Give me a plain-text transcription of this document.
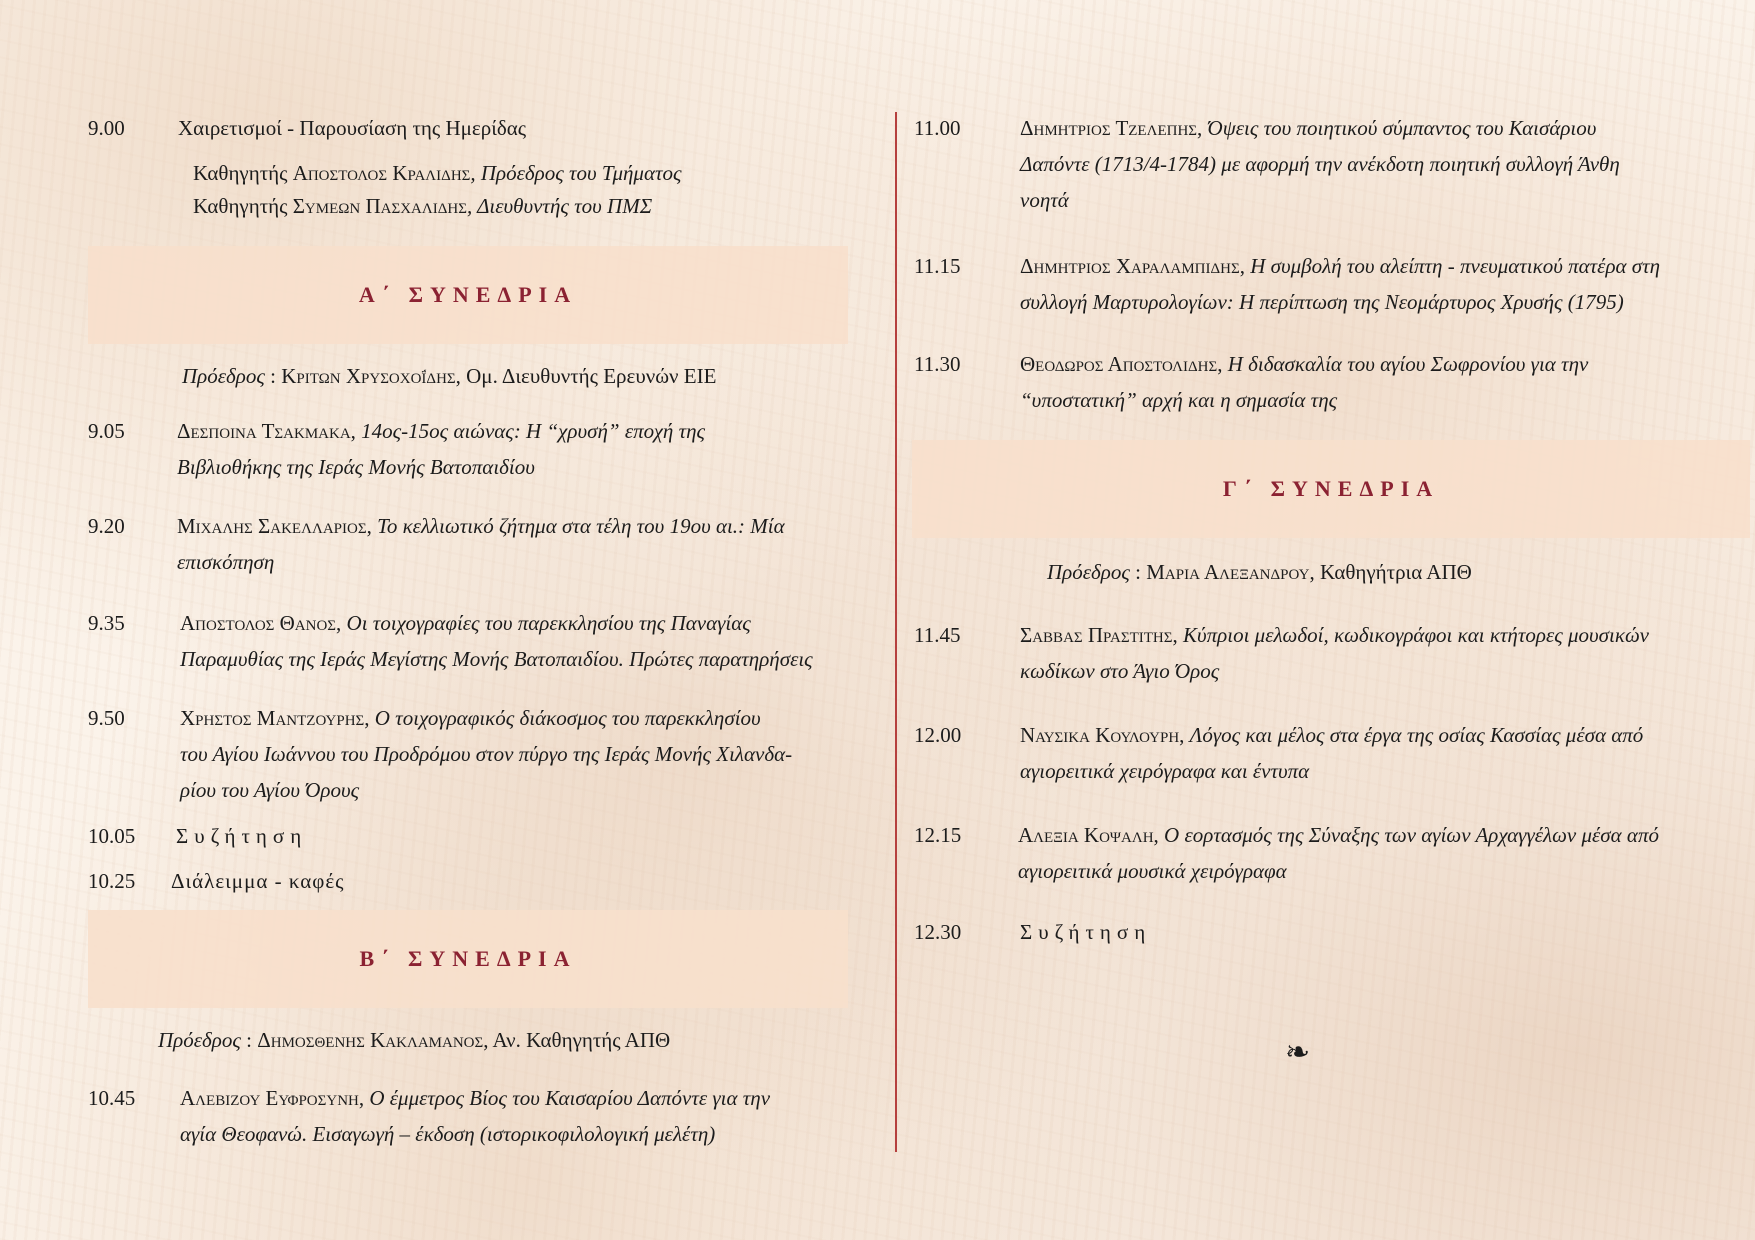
9.00	Χαιρετισμοί - Παρουσίαση της Ημερίδας
Καθηγητής Αποστολος Κραλιδης, Πρόεδρος του Τμήματος
Καθηγητής Συμεων Πασχαλιδης, Διευθυντής του ΠΜΣ
Α΄ ΣΥΝΕΔΡΙΑ
Πρόεδρος : Κριτων Χρυσοχοΐδης, Ομ. Διευθυντής Ερευνών ΕΙΕ
9.05 Δεσποινα Τσακμακα, 14ος-15ος αιώνας: Η “χρυσή” εποχή της
Βιβλιοθήκης της Ιεράς Μονής Βατοπαιδίου
9.20 Μιχαλης Σακελλαριος, Το κελλιωτικό ζήτημα στα τέλη του 19ου αι.: Μία
επισκόπηση
9.35	Αποστολος Θανος, Οι τοιχογραφίες του παρεκκλησίου της Παναγίας
Παραμυθίας της Ιεράς Μεγίστης Μονής Βατοπαιδίου. Πρώτες παρατηρήσεις
9.50	Χρηστος Μαντζουρης, Ο τοιχογραφικός διάκοσμος του παρεκκλησίου
του Αγίου Ιωάννου του Προδρόμου στον πύργο της Ιεράς Μονής Χιλανδα-
ρίου του Αγίου Όρους
10.05 Συζήτηση
10.25 Διάλειμμα - καφές
Β΄ ΣΥΝΕΔΡΙΑ
Πρόεδρος : Δημοσθενης Κακλαμανος, Αν. Καθηγητής ΑΠΘ
10.45 Αλεβιζου Ευφροσυνη, Ο έμμετρος Βίος του Καισαρίου Δαπόντε για την
αγία Θεοφανώ. Εισαγωγή – έκδοση (ιστορικοφιλολογική μελέτη)
11.00	Δημητριος Τζελεπης, Όψεις του ποιητικού σύμπαντος του Καισάριου
Δαπόντε (1713/4-1784) με αφορμή την ανέκδοτη ποιητική συλλογή Άνθη
νοητά
11.15	Δημητριος Χαραλαμπιδης, Η συμβολή του αλείπτη - πνευματικού πατέρα στη
συλλογή Μαρτυρολογίων: Η περίπτωση της Νεομάρτυρος Χρυσής (1795)
11.30	Θεοδωρος Αποστολιδης, Η διδασκαλία του αγίου Σωφρονίου για την
“υποστατική” αρχή και η σημασία της
Γ΄ ΣΥΝΕΔΡΙΑ
Πρόεδρος : Μαρια Αλεξανδρου, Καθηγήτρια ΑΠΘ
11.45	Σαββας Πραστιτης, Κύπριοι μελωδοί, κωδικογράφοι και κτήτορες μουσικών
κωδίκων στο Άγιο Όρος
12.00	Ναυσικα Κουλουρη, Λόγος και μέλος στα έργα της οσίας Κασσίας μέσα από
αγιορειτικά χειρόγραφα και έντυπα
12.15	Αλεξια Κοψαλη, Ο εορτασμός της Σύναξης των αγίων Αρχαγγέλων μέσα από
αγιορειτικά μουσικά χειρόγραφα
12.30	Συζήτηση
❧
